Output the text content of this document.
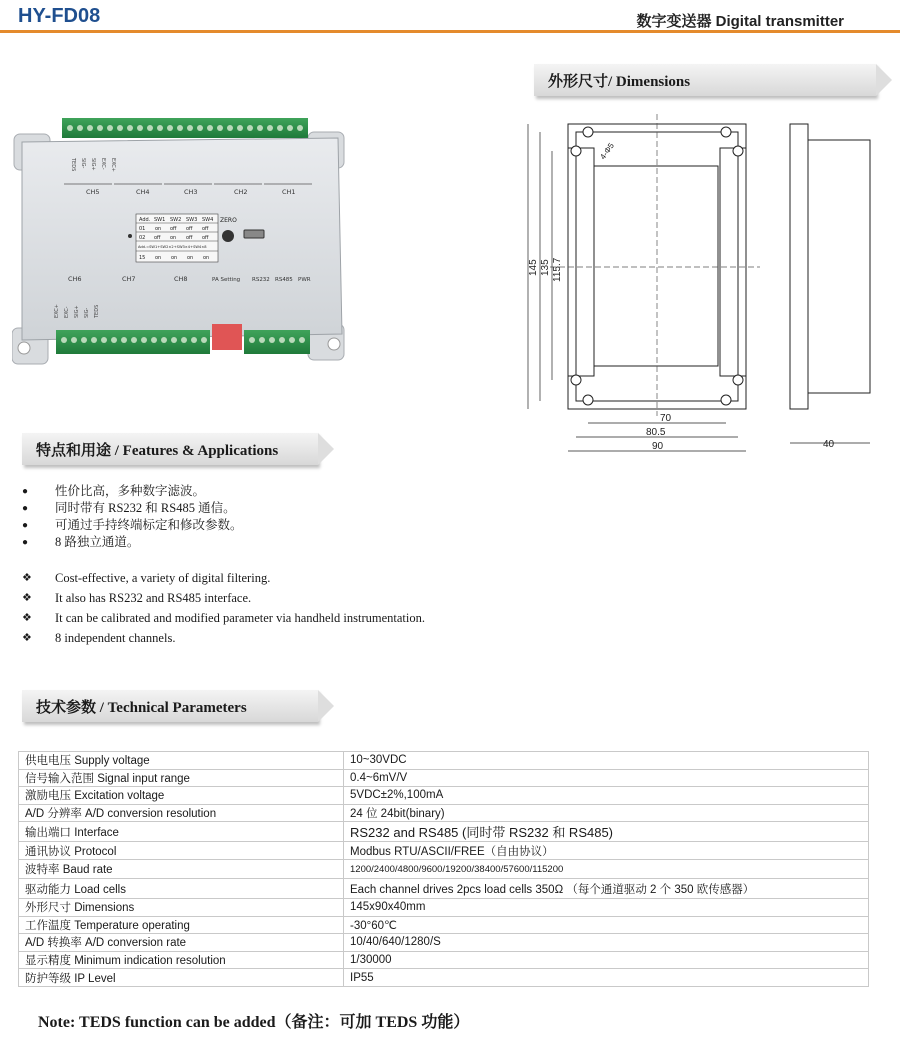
HY-FD08	数字变送器 Digital transmitter
外形尺寸/ Dimensions
CH5	CH4	CH3	CH2	CH1
TEDS SIG- SIG+ EXC- EXC+
Add. SW1 SW2 SW3 SW4
01 on off off off
02 off on off off
Add.=SW1+SW2×2+SW3×4+SW4×8
15 on on on on
ZERO
CH6	CH7	CH8	PA Setting RS232 RS485 PWR
EXC+ EXC- SIG+ SIG- TEDS
70
80.5
90	40
115.7
135
145
4-Φ5
特点和用途 / Features & Applications
● 性价比高，多种数字滤波。
● 同时带有 RS232 和 RS485 通信。
● 可通过手持终端标定和修改参数。
● 8 路独立通道。
❖ Cost-effective, a variety of digital filtering.
❖ It also has RS232 and RS485 interface.
❖ It can be calibrated and modified parameter via handheld instrumentation.
❖ 8 independent channels.
技术参数 / Technical Parameters
供电电压 Supply voltage	10~30VDC
信号输入范围 Signal input range	0.4~6mV/V
激励电压 Excitation voltage	5VDC±2%,100mA
A/D 分辨率 A/D conversion resolution	24 位 24bit(binary)
输出端口 Interface	RS232 and RS485 (同时带 RS232 和 RS485)
通讯协议 Protocol	Modbus RTU/ASCII/FREE（自由协议）
波特率 Baud rate	1200/2400/4800/9600/19200/38400/57600/115200
驱动能力 Load cells	Each channel drives 2pcs load cells 350Ω （每个通道驱动 2 个 350 欧传感器）
外形尺寸 Dimensions	145x90x40mm
工作温度 Temperature operating	-30°60℃
A/D 转换率 A/D conversion rate	10/40/640/1280/S
显示精度 Minimum indication resolution	1/30000
防护等级 IP Level	IP55
Note: TEDS function can be added（备注：可加 TEDS 功能）
